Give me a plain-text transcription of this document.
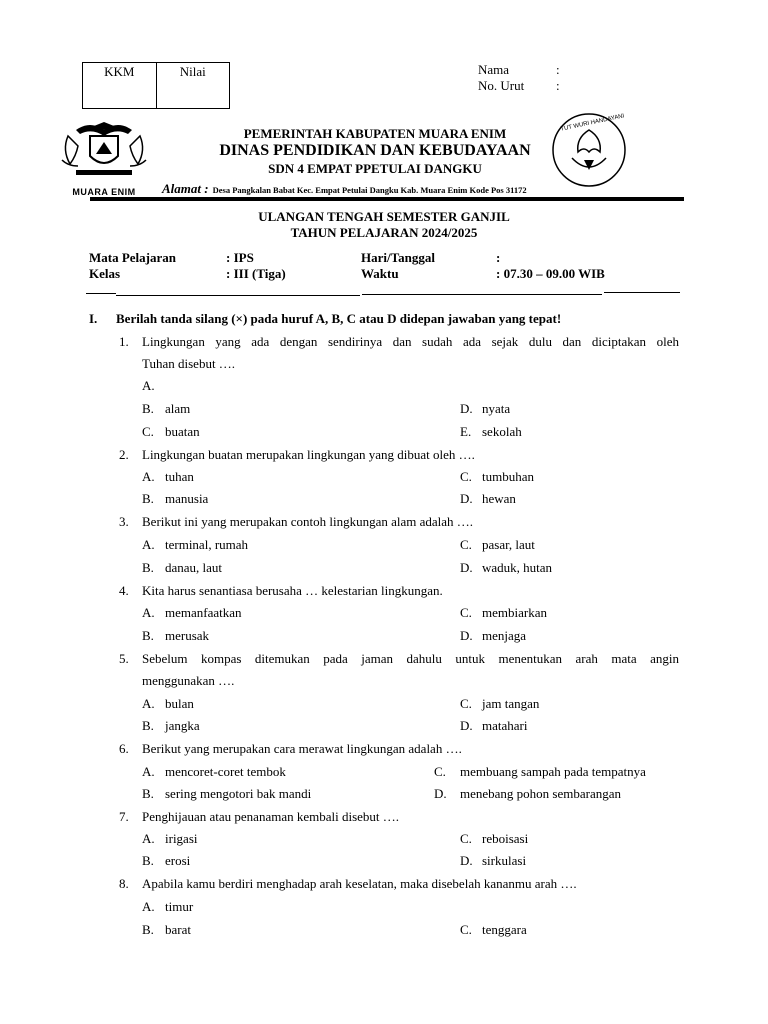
KKM	Nilai	Nama	:
No. Urut	:
MUARA ENIM
TUT WURI HANDAYANI
PEMERINTAH KABUPATEN MUARA ENIM
DINAS PENDIDIKAN DAN KEBUDAYAAN
SDN 4 EMPAT PPETULAI DANGKU
Alamat : Desa Pangkalan Babat Kec. Empat Petulai Dangku Kab. Muara Enim Kode Pos 31172
ULANGAN TENGAH SEMESTER GANJIL
TAHUN PELAJARAN 2024/2025
Mata Pelajaran	: IPS	Hari/Tanggal	:
Kelas	: III (Tiga)	Waktu	: 07.30 – 09.00 WIB
I. Berilah tanda silang (×) pada huruf A, B, C atau D didepan jawaban yang tepat!
1. Lingkungan yang ada dengan sendirinya dan sudah ada sejak dulu dan diciptakan oleh
Tuhan disebut ….
A.
B. alam	D. nyata
C. buatan	E. sekolah
2. Lingkungan buatan merupakan lingkungan yang dibuat oleh ….
A. tuhan	C. tumbuhan
B. manusia	D. hewan
3. Berikut ini yang merupakan contoh lingkungan alam adalah ….
A. terminal, rumah	C. pasar, laut
B. danau, laut	D. waduk, hutan
4. Kita harus senantiasa berusaha … kelestarian lingkungan.
A. memanfaatkan	C. membiarkan
B. merusak	D. menjaga
5. Sebelum kompas ditemukan pada jaman dahulu untuk menentukan arah mata angin
menggunakan ….
A. bulan	C. jam tangan
B. jangka	D. matahari
6. Berikut yang merupakan cara merawat lingkungan adalah ….
A. mencoret-coret tembok	C. membuang sampah pada tempatnya
B. sering mengotori bak mandi	D. menebang pohon sembarangan
7. Penghijauan atau penanaman kembali disebut ….
A. irigasi	C. reboisasi
B. erosi	D. sirkulasi
8. Apabila kamu berdiri menghadap arah keselatan, maka disebelah kananmu arah ….
A. timur
B. barat	C. tenggara
